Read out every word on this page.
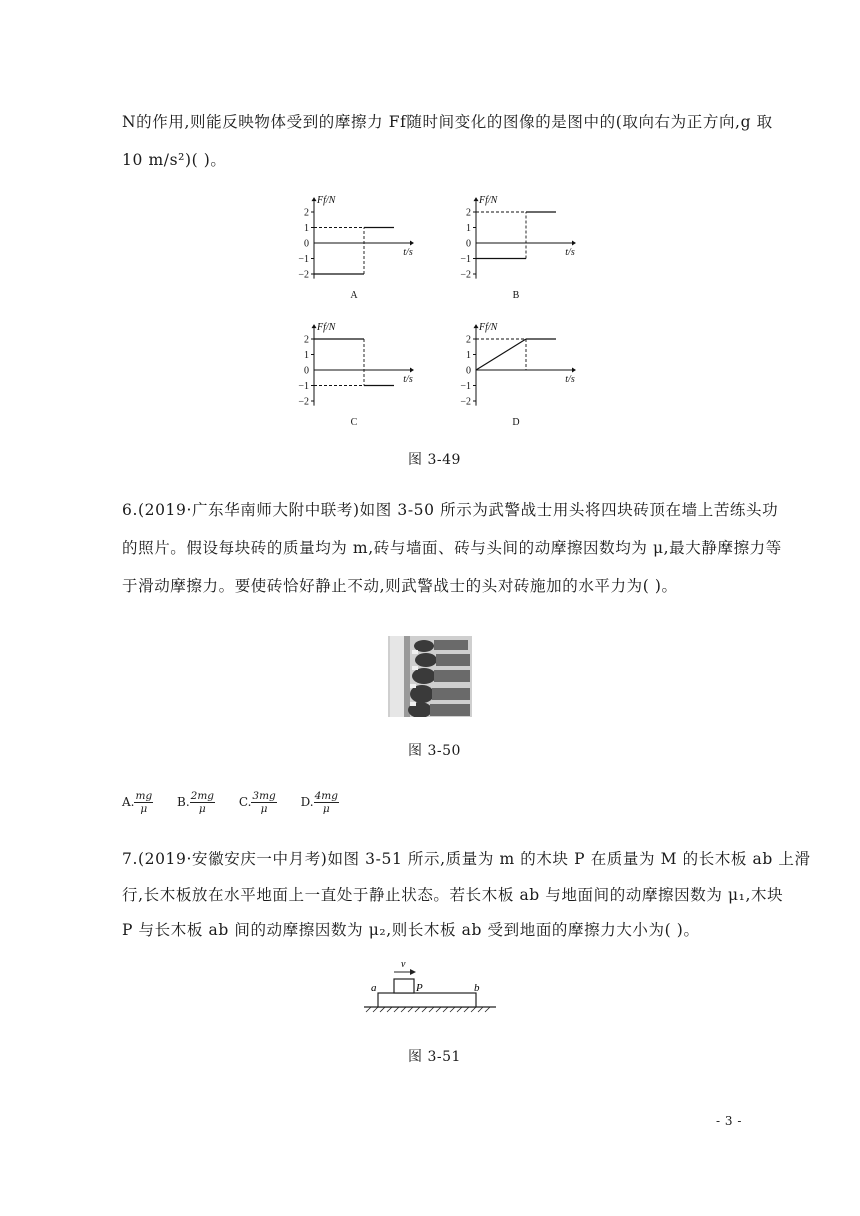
N的作用,则能反映物体受到的摩擦力 Ff随时间变化的图像的是图中的(取向右为正方向,g 取
10 m/s²)( )。
2
1
0
−1
−2
Ff/N
t/s
A
2
1
0
−1
−2
Ff/N
t/s
B
2
1
0
−1
−2
Ff/N
t/s
C
2
1
0
−1
−2
Ff/N
t/s
D
图 3-49
6.(2019·广东华南师大附中联考)如图 3-50 所示为武警战士用头将四块砖顶在墙上苦练头功
的照片。假设每块砖的质量均为 m,砖与墙面、砖与头间的动摩擦因数均为 μ,最大静摩擦力等
于滑动摩擦力。要使砖恰好静止不动,则武警战士的头对砖施加的水平力为( )。
图 3-50
A. $\frac{mg}{\mu} B$. $\frac{2mg}{\mu} C$. $\frac{3mg}{\mu} D$. $\frac{4mg}{\mu}$
7.(2019·安徽安庆一中月考)如图 3-51 所示,质量为 m 的木块 P 在质量为 M 的长木板 ab 上滑
行,长木板放在水平地面上一直处于静止状态。若长木板 ab 与地面间的动摩擦因数为 μ₁,木块
P 与长木板 ab 间的动摩擦因数为 μ₂,则长木板 ab 受到地面的摩擦力大小为( )。
v
P
a	b
图 3-51
- 3 -
